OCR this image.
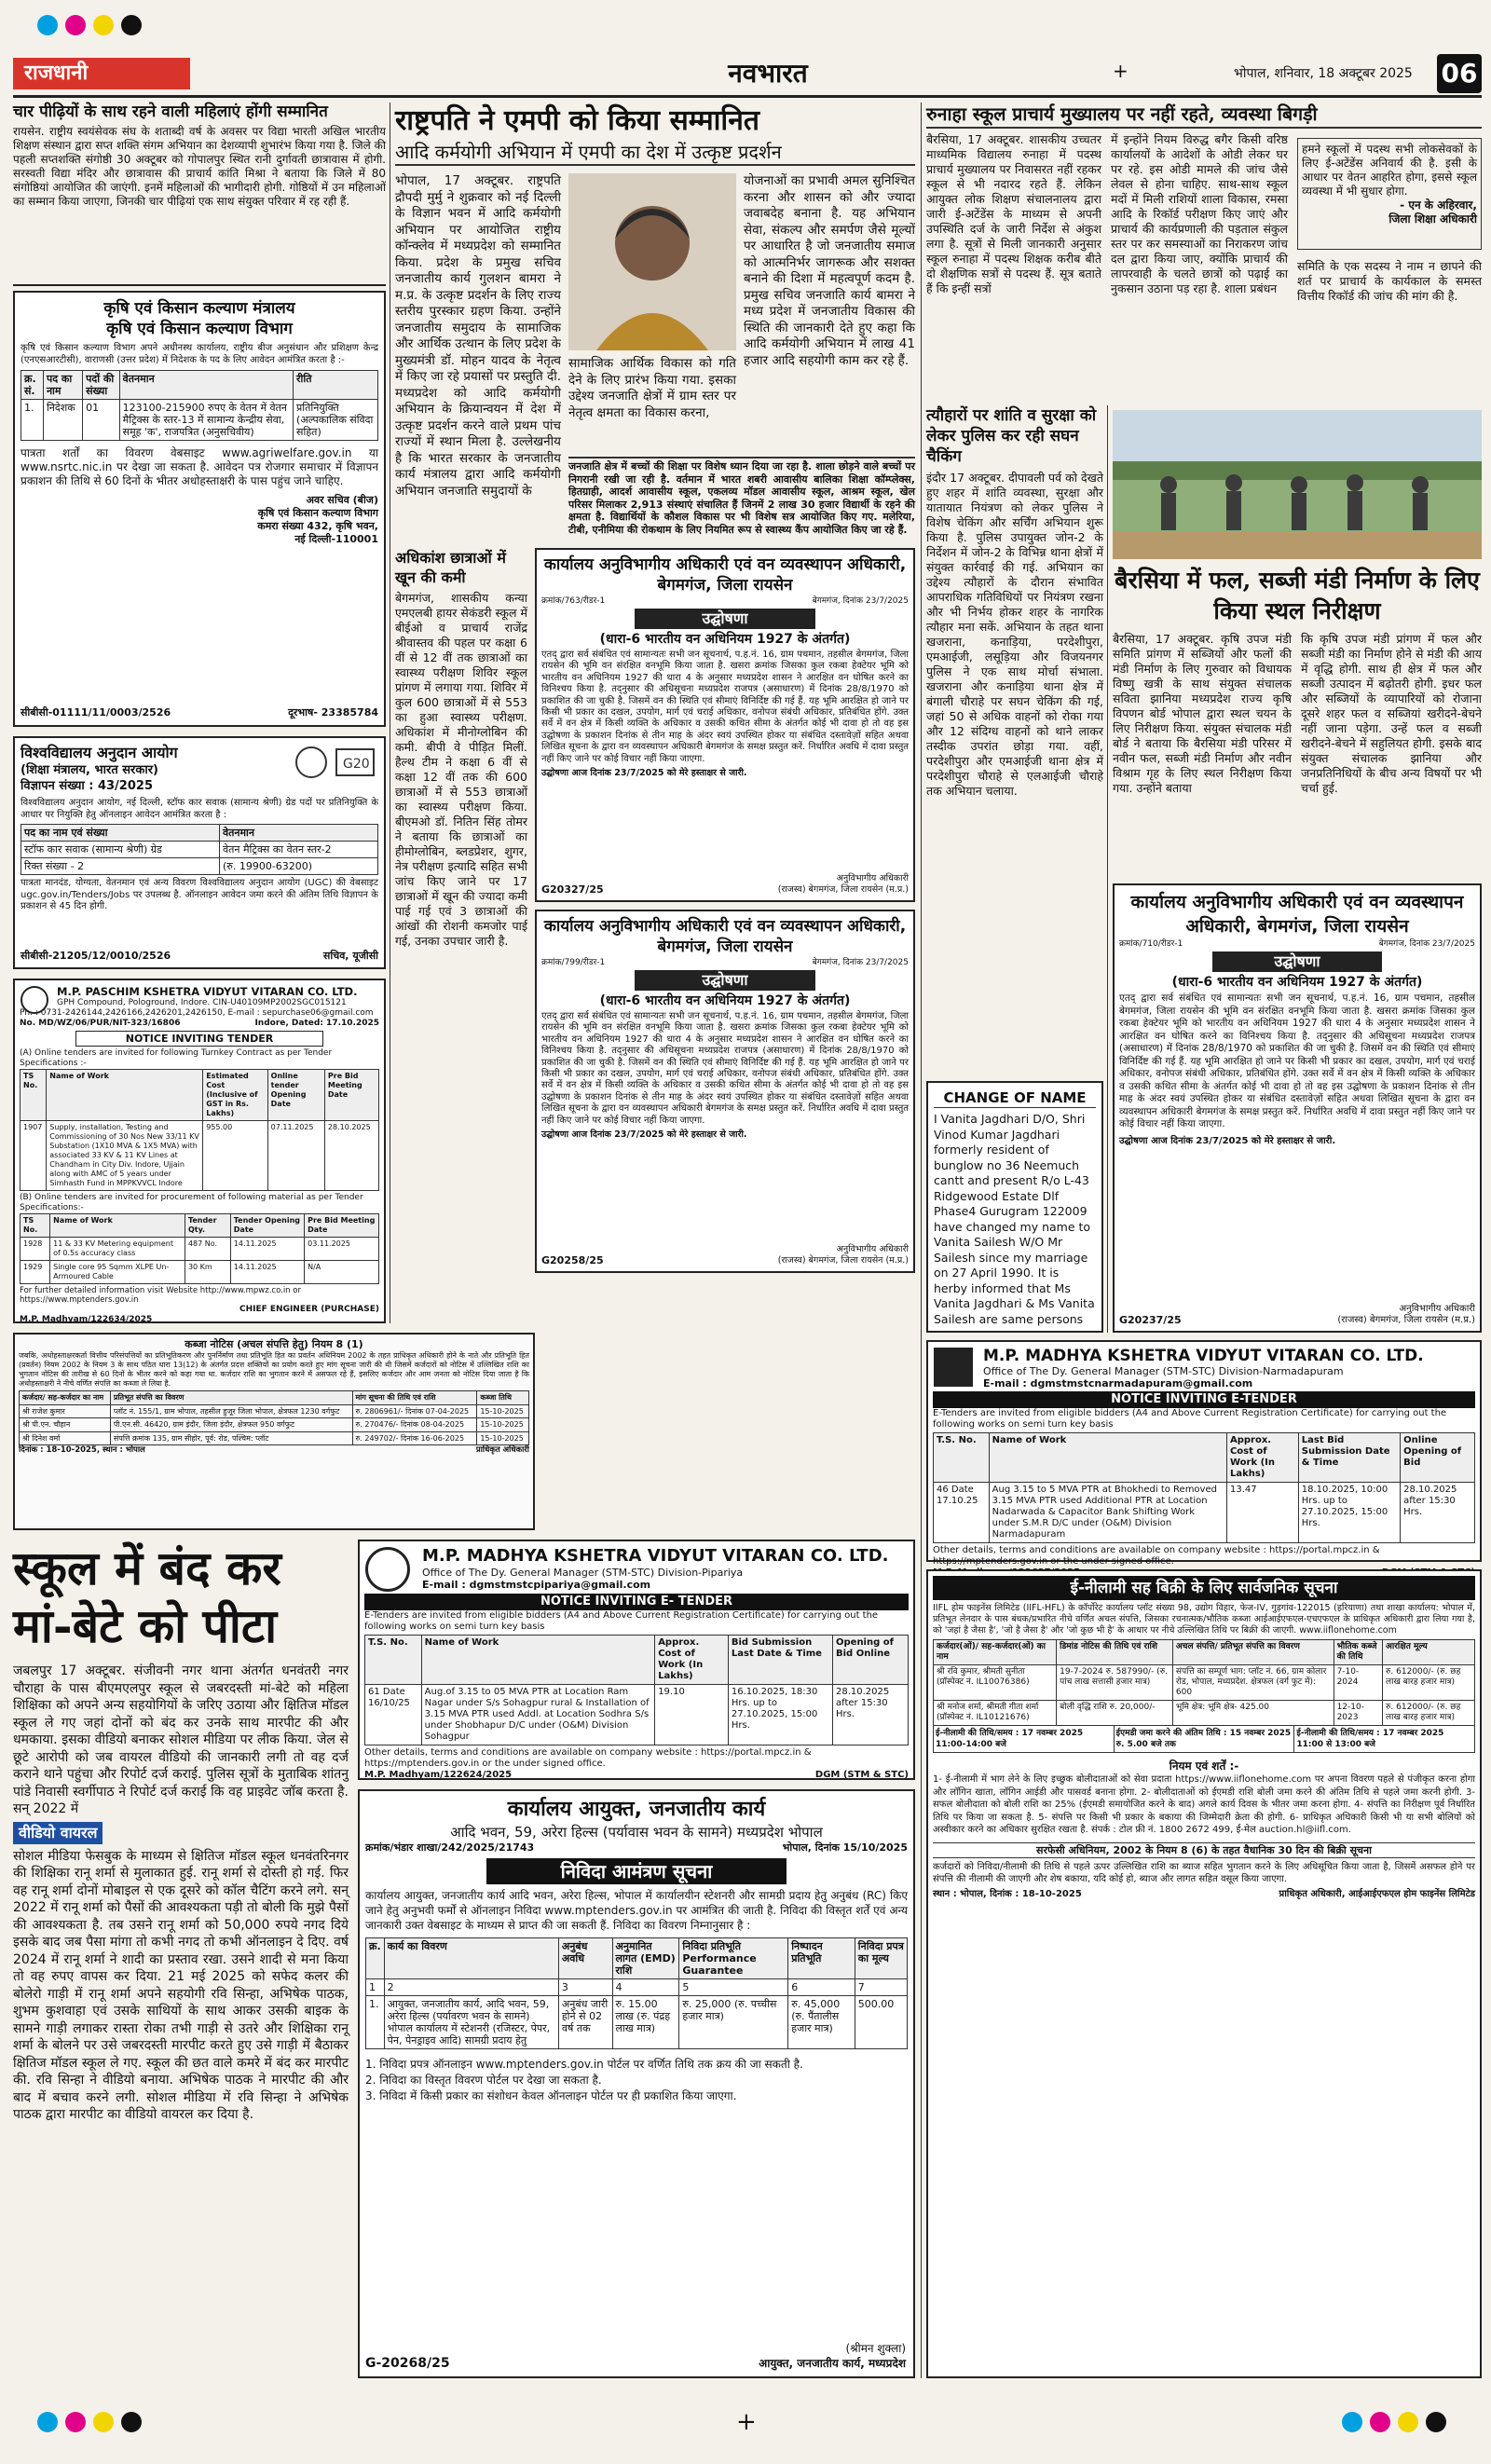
राजधानी	नवभारत	+	भोपाल, शनिवार, 18 अक्टूबर 2025	06
चार पीढ़ियों के साथ रहने वाली महिलाएं होंगी सम्मानित
रायसेन. राष्ट्रीय स्वयंसेवक संघ के शताब्दी वर्ष के अवसर पर विद्या भारती अखिल भारतीय शिक्षण संस्थान द्वारा सप्त शक्ति संगम अभियान का देशव्यापी शुभारंभ किया गया है. जिले की पहली सप्तशक्ति संगोष्ठी 30 अक्टूबर को गोपालपुर स्थित रानी दुर्गावती छात्रावास में होगी. सरस्वती विद्या मंदिर और छात्रावास की प्राचार्य कांति मिश्रा ने बताया कि जिले में 80 संगोष्ठियां आयोजित की जाएंगी. इनमें महिलाओं की भागीदारी होगी. गोष्ठियों में उन महिलाओं का सम्मान किया जाएगा, जिनकी चार पीढ़ियां एक साथ संयुक्त परिवार में रह रही हैं.
कृषि एवं किसान कल्याण मंत्रालय
कृषि एवं किसान कल्याण विभाग
कृषि एवं किसान कल्याण विभाग अपने अधीनस्थ कार्यालय, राष्ट्रीय बीज अनुसंधान और प्रशिक्षण केन्द्र (एनएसआरटीसी), वाराणसी (उत्तर प्रदेश) में निदेशक के पद के लिए आवेदन आमंत्रित करता है :-
क्र. सं.	पद का नाम	पदों की संख्या	वेतनमान	रीति
1.	निदेशक	01	123100-215900 रुपए के वेतन में वेतन मैट्रिक्स के स्तर-13 में सामान्य केन्द्रीय सेवा, समूह 'क', राजपत्रित (अनुसचिवीय)	प्रतिनियुक्ति (अल्पकालिक संविदा सहित)
पात्रता शर्तों का विवरण वेबसाइट www.agriwelfare.gov.in या www.nsrtc.nic.in पर देखा जा सकता है. आवेदन पत्र रोजगार समाचार में विज्ञापन प्रकाशन की तिथि से 60 दिनों के भीतर अधोहस्ताक्षरी के पास पहुंच जाने चाहिए.
अवर सचिव (बीज)
कृषि एवं किसान कल्याण विभाग
कमरा संख्या 432, कृषि भवन,
नई दिल्ली-110001
सीबीसी-01111/11/0003/2526	दूरभाष- 23385784
G20
विश्वविद्यालय अनुदान आयोग
(शिक्षा मंत्रालय, भारत सरकार)
विज्ञापन संख्या : 43/2025
विश्वविद्यालय अनुदान आयोग, नई दिल्ली, स्टॉफ कार सवाक (सामान्य श्रेणी) ग्रेड पदों पर प्रतिनियुक्ति के आधार पर नियुक्ति हेतु ऑनलाइन आवेदन आमंत्रित करता है :
पद का नाम एवं संख्या	वेतनमान
स्टॉफ कार सवाक (सामान्य श्रेणी) ग्रेड	वेतन मैट्रिक्स का वेतन स्तर-2
रिक्त संख्या - 2	(रु. 19900-63200)
पात्रता मानदंड, योग्यता, वेतनमान एवं अन्य विवरण विश्वविद्यालय अनुदान आयोग (UGC) की वेबसाइट ugc.gov.in/Tenders/Jobs पर उपलब्ध है. ऑनलाइन आवेदन जमा करने की अंतिम तिथि विज्ञापन के प्रकाशन से 45 दिन होगी.
सीबीसी-21205/12/0010/2526	सचिव, यूजीसी
M.P. PASCHIM KSHETRA VIDYUT VITARAN CO. LTD.
GPH Compound, Pologround, Indore. CIN-U40109MP2002SGC015121
Ph. : 0731-2426144,2426166,2426201,2426150, E-mail : sepurchase06@gmail.com
No. MD/WZ/06/PUR/NIT-323/16806	Indore, Dated: 17.10.2025
NOTICE INVITING TENDER
(A) Online tenders are invited for following Turnkey Contract as per Tender Specifications :-
TS No.	Name of Work	Estimated Cost (Inclusive of GST in Rs. Lakhs)	Online tender Opening Date	Pre Bid Meeting Date
1907	Supply, installation, Testing and Commissioning of 30 Nos New 33/11 KV Substation (1X10 MVA & 1X5 MVA) with associated 33 KV & 11 KV Lines at Chandham in City Div. Indore, Ujjain along with AMC of 5 years under Simhasth Fund in MPPKVVCL Indore	955.00	07.11.2025	28.10.2025
(B) Online tenders are invited for procurement of following material as per Tender Specifications:-
TS No.	Name of Work	Tender Qty.	Tender Opening Date	Pre Bid Meeting Date
1928	11 & 33 KV Metering equipment of 0.5s accuracy class	487 No.	14.11.2025	03.11.2025
1929	Single core 95 Sqmm XLPE Un-Armoured Cable	30 Km	14.11.2025	N/A
For further detailed information visit Website http://www.mpwz.co.in or https://www.mptenders.gov.in
CHIEF ENGINEER (PURCHASE)
M.P. Madhyam/122634/2025
राष्ट्रपति ने एमपी को किया सम्मानित
आदि कर्मयोगी अभियान में एमपी का देश में उत्कृष्ट प्रदर्शन
भोपाल, 17 अक्टूबर. राष्ट्रपति द्रौपदी मुर्मु ने शुक्रवार को नई दिल्ली के विज्ञान भवन में आदि कर्मयोगी अभियान पर आयोजित राष्ट्रीय कॉन्क्लेव में मध्यप्रदेश को सम्मानित किया. प्रदेश के प्रमुख सचिव जनजातीय कार्य गुलशन बामरा ने म.प्र. के उत्कृष्ट प्रदर्शन के लिए राज्य स्तरीय पुरस्कार ग्रहण किया. उन्होंने जनजातीय समुदाय के सामाजिक और आर्थिक उत्थान के लिए प्रदेश के मुख्यमंत्री डॉ. मोहन यादव के नेतृत्व में किए जा रहे प्रयासों पर प्रस्तुति दी. मध्यप्रदेश को आदि कर्मयोगी अभियान के क्रियान्वयन में देश में उत्कृष्ट प्रदर्शन करने वाले प्रथम पांच राज्यों में स्थान मिला है. उल्लेखनीय है कि भारत सरकार के जनजातीय कार्य मंत्रालय द्वारा आदि कर्मयोगी अभियान जनजाति समुदायों के
सामाजिक आर्थिक विकास को गति देने के लिए प्रारंभ किया गया. इसका उद्देश्य जनजाति क्षेत्रों में ग्राम स्तर पर नेतृत्व क्षमता का विकास करना,
योजनाओं का प्रभावी अमल सुनिश्चित करना और शासन को और ज्यादा जवाबदेह बनाना है. यह अभियान सेवा, संकल्प और समर्पण जैसे मूल्यों पर आधारित है जो जनजातीय समाज को आत्मनिर्भर जागरूक और सशक्त बनाने की दिशा में महत्वपूर्ण कदम है. प्रमुख सचिव जनजाति कार्य बामरा ने मध्य प्रदेश में जनजातीय विकास की स्थिति की जानकारी देते हुए कहा कि आदि कर्मयोगी अभियान में लाख 41 हजार आदि सहयोगी काम कर रहे हैं.
जनजाति क्षेत्र में बच्चों की शिक्षा पर विशेष ध्यान दिया जा रहा है. शाला छोड़ने वाले बच्चों पर निगरानी रखी जा रही है. वर्तमान में भारत शबरी आवासीय बालिका शिक्षा कॉम्प्लेक्स, हितग्राही, आदर्श आवासीय स्कूल, एकलव्य मॉडल आवासीय स्कूल, आश्रम स्कूल, खेल परिसर मिलाकर 2,913 संस्थाएं संचालित हैं जिनमें 2 लाख 30 हजार विद्यार्थी के रहने की क्षमता है. विद्यार्थियों के कौशल विकास पर भी विशेष सत्र आयोजित किए गए. मलेरिया, टीबी, एनीमिया की रोकथाम के लिए नियमित रूप से स्वास्थ्य कैंप आयोजित किए जा रहे हैं.
रुनाहा स्कूल प्राचार्य मुख्यालय पर नहीं रहते, व्यवस्था बिगड़ी
बैरसिया, 17 अक्टूबर. शासकीय उच्चतर माध्यमिक विद्यालय रुनाहा में पदस्थ प्राचार्य मुख्यालय पर निवासरत नहीं रहकर स्कूल से भी नदारद रहते हैं. लेकिन आयुक्त लोक शिक्षण संचालनालय द्वारा जारी ई-अटेंडेंस के माध्यम से अपनी उपस्थिति दर्ज के जारी निर्देश से अंकुश लगा है. सूत्रों से मिली जानकारी अनुसार स्कूल रुनाहा में पदस्थ शिक्षक करीब बीते दो शैक्षणिक सत्रों से पदस्थ हैं. सूत्र बताते हैं कि इन्हीं सत्रों
में इन्होंने नियम विरुद्ध बगैर किसी वरिष्ठ कार्यालयों के आदेशों के ओडी लेकर घर पर रहे. इस ओडी मामले की जांच जैसे लेवल से होना चाहिए. साथ-साथ स्कूल मदों में मिली राशियों शाला विकास, रमसा आदि के रिकॉर्ड परीक्षण किए जाएं और प्राचार्य की कार्यप्रणाली की पड़ताल संकुल स्तर पर कर समस्याओं का निराकरण जांच दल द्वारा किया जाए, क्योंकि प्राचार्य की लापरवाही के चलते छात्रों को पढ़ाई का नुकसान उठाना पड़ रहा है. शाला प्रबंधन
हमने स्कूलों में पदस्थ सभी लोकसेवकों के लिए ई-अटेंडेंस अनिवार्य की है. इसी के आधार पर वेतन आहरित होगा, इससे स्कूल व्यवस्था में भी सुधार होगा.
- एन के अहिरवार,
जिला शिक्षा अधिकारी
समिति के एक सदस्य ने नाम न छापने की शर्त पर प्राचार्य के कार्यकाल के समस्त वित्तीय रिकॉर्ड की जांच की मांग की है.
त्यौहारों पर शांति व सुरक्षा को लेकर पुलिस कर रही सघन चैकिंग
इंदौर 17 अक्टूबर. दीपावली पर्व को देखते हुए शहर में शांति व्यवस्था, सुरक्षा और यातायात नियंत्रण को लेकर पुलिस ने विशेष चेकिंग और सर्चिंग अभियान शुरू किया है. पुलिस उपायुक्त जोन-2 के निर्देशन में जोन-2 के विभिन्न थाना क्षेत्रों में संयुक्त कार्रवाई की गई. अभियान का उद्देश्य त्यौहारों के दौरान संभावित आपराधिक गतिविधियों पर नियंत्रण रखना और भी निर्भय होकर शहर के नागरिक त्यौहार मना सकें. अभियान के तहत थाना खजराना, कनाड़िया, परदेशीपुरा, एमआईजी, लसूड़िया और विजयनगर पुलिस ने एक साथ मोर्चा संभाला. खजराना और कनाड़िया थाना क्षेत्र में बंगाली चौराहे पर सघन चेकिंग की गई, जहां 50 से अधिक वाहनों को रोका गया और 12 संदिग्ध वाहनों को थाने लाकर तस्दीक उपरांत छोड़ा गया. वहीं, परदेशीपुरा और एमआईजी थाना क्षेत्र में परदेशीपुरा चौराहे से एलआईजी चौराहे तक अभियान चलाया.
बैरसिया में फल, सब्जी मंडी निर्माण के लिए किया स्थल निरीक्षण
बैरसिया, 17 अक्टूबर. कृषि उपज मंडी समिति प्रांगण में सब्जियों और फलों की मंडी निर्माण के लिए गुरुवार को विधायक विष्णु खत्री के साथ संयुक्त संचालक सविता झानिया मध्यप्रदेश राज्य कृषि विपणन बोर्ड भोपाल द्वारा स्थल चयन के लिए निरीक्षण किया. संयुक्त संचालक मंडी बोर्ड ने बताया कि बैरसिया मंडी परिसर में नवीन फल, सब्जी मंडी निर्माण और नवीन विश्राम गृह के लिए स्थल निरीक्षण किया गया. उन्होंने बताया
कि कृषि उपज मंडी प्रांगण में फल और सब्जी मंडी का निर्माण होने से मंडी की आय में वृद्धि होगी. साथ ही क्षेत्र में फल और सब्जी उत्पादन में बढ़ोतरी होगी. इधर फल और सब्जियों के व्यापारियों को रोजाना दूसरे शहर फल व सब्जियां खरीदने-बेचने नहीं जाना पड़ेगा. उन्हें फल व सब्जी खरीदने-बेचने में सहुलियत होगी. इसके बाद संयुक्त संचालक झानिया और जनप्रतिनिधियों के बीच अन्य विषयों पर भी चर्चा हुई.
अधिकांश छात्राओं में खून की कमी
बेगमगंज, शासकीय कन्या एमएलबी हायर सेकंडरी स्कूल में बीईओ व प्राचार्य राजेंद्र श्रीवास्तव की पहल पर कक्षा 6 वीं से 12 वीं तक छात्राओं का स्वास्थ्य परीक्षण शिविर स्कूल प्रांगण में लगाया गया. शिविर में कुल 600 छात्राओं में से 553 का हुआ स्वास्थ्य परीक्षण. अधिकांश में मीनोग्लोबिन की कमी. बीपी वे पीड़ित मिलीं. हैल्थ टीम ने कक्षा 6 वीं से कक्षा 12 वीं तक की 600 छात्राओं में से 553 छात्राओं का स्वास्थ्य परीक्षण किया. बीएमओ डॉ. नितिन सिंह तोमर ने बताया कि छात्राओं का हीमोग्लोबिन, ब्लडप्रेशर, शुगर, नेत्र परीक्षण इत्यादि सहित सभी जांच किए जाने पर 17 छात्राओं में खून की ज्यादा कमी पाई गई एवं 3 छात्राओं की आंखों की रोशनी कमजोर पाई गई, उनका उपचार जारी है.
कार्यालय अनुविभागीय अधिकारी एवं वन व्यवस्थापन अधिकारी, बेगमगंज, जिला रायसेन
क्रमांक/763/रीडर-1	बेगमगंज, दिनांक 23/7/2025
उद्घोषणा
(धारा-6 भारतीय वन अधिनियम 1927 के अंतर्गत)
एतद् द्वारा सर्व संबंधित एवं सामान्यतः सभी जन सूचनार्थ, प.ह.नं. 16, ग्राम पचमान, तहसील बेगमगंज, जिला रायसेन की भूमि वन संरक्षित वनभूमि किया जाता है. खसरा क्रमांक जिसका कुल रकबा हेक्टेयर भूमि को भारतीय वन अधिनियम 1927 की धारा 4 के अनुसार मध्यप्रदेश शासन ने आरक्षित वन घोषित करने का विनिश्चय किया है. तद्नुसार की अधिसूचना मध्यप्रदेश राजपत्र (असाधारण) में दिनांक 28/8/1970 को प्रकाशित की जा चुकी है. जिसमें वन की स्थिति एवं सीमाएं विनिर्दिष्ट की गई हैं. यह भूमि आरक्षित हो जाने पर किसी भी प्रकार का दखल, उपयोग, मार्ग एवं चराई अधिकार, वनोपज संबंधी अधिकार, प्रतिबंधित होंगे. उक्त सर्वे में वन क्षेत्र में किसी व्यक्ति के अधिकार व उसकी कथित सीमा के अंतर्गत कोई भी दावा हो तो वह इस उद्घोषणा के प्रकाशन दिनांक से तीन माह के अंदर स्वयं उपस्थित होकर या संबंधित दस्तावेज़ों सहित अथवा लिखित सूचना के द्वारा वन व्यवस्थापन अधिकारी बेगमगंज के समक्ष प्रस्तुत करें. निर्धारित अवधि में दावा प्रस्तुत नहीं किए जाने पर कोई विचार नहीं किया जाएगा.
उद्घोषणा आज दिनांक 23/7/2025 को मेरे हस्ताक्षर से जारी.
G20327/25
अनुविभागीय अधिकारी
(राजस्व) बेगमगंज, जिला रायसेन (म.प्र.)
कार्यालय अनुविभागीय अधिकारी एवं वन व्यवस्थापन अधिकारी, बेगमगंज, जिला रायसेन
क्रमांक/799/रीडर-1	बेगमगंज, दिनांक 23/7/2025
उद्घोषणा
(धारा-6 भारतीय वन अधिनियम 1927 के अंतर्गत)
एतद् द्वारा सर्व संबंधित एवं सामान्यतः सभी जन सूचनार्थ, प.ह.नं. 16, ग्राम पचमान, तहसील बेगमगंज, जिला रायसेन की भूमि वन संरक्षित वनभूमि किया जाता है. खसरा क्रमांक जिसका कुल रकबा हेक्टेयर भूमि को भारतीय वन अधिनियम 1927 की धारा 4 के अनुसार मध्यप्रदेश शासन ने आरक्षित वन घोषित करने का विनिश्चय किया है. तद्नुसार की अधिसूचना मध्यप्रदेश राजपत्र (असाधारण) में दिनांक 28/8/1970 को प्रकाशित की जा चुकी है. जिसमें वन की स्थिति एवं सीमाएं विनिर्दिष्ट की गई हैं. यह भूमि आरक्षित हो जाने पर किसी भी प्रकार का दखल, उपयोग, मार्ग एवं चराई अधिकार, वनोपज संबंधी अधिकार, प्रतिबंधित होंगे. उक्त सर्वे में वन क्षेत्र में किसी व्यक्ति के अधिकार व उसकी कथित सीमा के अंतर्गत कोई भी दावा हो तो वह इस उद्घोषणा के प्रकाशन दिनांक से तीन माह के अंदर स्वयं उपस्थित होकर या संबंधित दस्तावेज़ों सहित अथवा लिखित सूचना के द्वारा वन व्यवस्थापन अधिकारी बेगमगंज के समक्ष प्रस्तुत करें. निर्धारित अवधि में दावा प्रस्तुत नहीं किए जाने पर कोई विचार नहीं किया जाएगा.
उद्घोषणा आज दिनांक 23/7/2025 को मेरे हस्ताक्षर से जारी.
G20258/25
अनुविभागीय अधिकारी
(राजस्व) बेगमगंज, जिला रायसेन (म.प्र.)
CHANGE OF NAME
I Vanita Jagdhari D/O, Shri Vinod Kumar Jagdhari formerly resident of bunglow no 36 Neemuch cantt and present R/o L-43 Ridgewood Estate Dlf Phase4 Gurugram 122009 have changed my name to Vanita Sailesh W/O Mr Sailesh since my marriage on 27 April 1990. It is herby informed that Ms Vanita Jagdhari & Ms Vanita Sailesh are same persons
कार्यालय अनुविभागीय अधिकारी एवं वन व्यवस्थापन अधिकारी, बेगमगंज, जिला रायसेन
क्रमांक/710/रीडर-1	बेगमगंज, दिनांक 23/7/2025
उद्घोषणा
(धारा-6 भारतीय वन अधिनियम 1927 के अंतर्गत)
एतद् द्वारा सर्व संबंधित एवं सामान्यतः सभी जन सूचनार्थ, प.ह.नं. 16, ग्राम पचमान, तहसील बेगमगंज, जिला रायसेन की भूमि वन संरक्षित वनभूमि किया जाता है. खसरा क्रमांक जिसका कुल रकबा हेक्टेयर भूमि को भारतीय वन अधिनियम 1927 की धारा 4 के अनुसार मध्यप्रदेश शासन ने आरक्षित वन घोषित करने का विनिश्चय किया है. तद्नुसार की अधिसूचना मध्यप्रदेश राजपत्र (असाधारण) में दिनांक 28/8/1970 को प्रकाशित की जा चुकी है. जिसमें वन की स्थिति एवं सीमाएं विनिर्दिष्ट की गई हैं. यह भूमि आरक्षित हो जाने पर किसी भी प्रकार का दखल, उपयोग, मार्ग एवं चराई अधिकार, वनोपज संबंधी अधिकार, प्रतिबंधित होंगे. उक्त सर्वे में वन क्षेत्र में किसी व्यक्ति के अधिकार व उसकी कथित सीमा के अंतर्गत कोई भी दावा हो तो वह इस उद्घोषणा के प्रकाशन दिनांक से तीन माह के अंदर स्वयं उपस्थित होकर या संबंधित दस्तावेज़ों सहित अथवा लिखित सूचना के द्वारा वन व्यवस्थापन अधिकारी बेगमगंज के समक्ष प्रस्तुत करें. निर्धारित अवधि में दावा प्रस्तुत नहीं किए जाने पर कोई विचार नहीं किया जाएगा.
उद्घोषणा आज दिनांक 23/7/2025 को मेरे हस्ताक्षर से जारी.
G20237/25
अनुविभागीय अधिकारी
(राजस्व) बेगमगंज, जिला रायसेन (म.प्र.)
M.P. MADHYA KSHETRA VIDYUT VITARAN CO. LTD.
Office of The Dy. General Manager (STM-STC) Division-Narmadapuram
E-mail : dgmstmstcnarmadapuram@gmail.com
NOTICE INVITING E-TENDER
E-Tenders are invited from eligible bidders (A4 and Above Current Registration Certificate) for carrying out the following works on semi turn key basis
T.S. No.	Name of Work	Approx. Cost of Work (In Lakhs)	Last Bid Submission Date & Time	Online Opening of Bid
46 Date 17.10.25	Aug 3.15 to 5 MVA PTR at Bhokhedi to Removed 3.15 MVA PTR used Additional PTR at Location Nadarwada & Capacitor Bank Shifting Work under S.M.R D/C under (O&M) Division Narmadapuram	13.47	18.10.2025, 10:00 Hrs. up to 27.10.2025, 15:00 Hrs.	28.10.2025 after 15:30 Hrs.
Other details, terms and conditions are available on company website : https://portal.mpcz.in & https://mptenders.gov.in or the under signed office.
कब्जा नोटिस (अचल संपत्ति हेतु) नियम 8 (1)
जबकि, अधोहस्ताक्षरकर्ता वित्तीय परिसंपत्तियों का प्रतिभूतिकरण और पुनर्निर्माण तथा प्रतिभूति हित का प्रवर्तन अधिनियम 2002 के तहत प्राधिकृत अधिकारी होने के नाते और प्रतिभूति हित (प्रवर्तन) नियम 2002 के नियम 3 के साथ पठित धारा 13(12) के अंतर्गत प्रदत्त शक्तियों का प्रयोग करते हुए मांग सूचना जारी की थी जिसमें कर्जदारों को नोटिस में उल्लिखित राशि का भुगतान नोटिस की तारीख से 60 दिनों के भीतर करने को कहा गया था. कर्जदार राशि का भुगतान करने में असफल रहे हैं, इसलिए कर्जदार और आम जनता को नोटिस दिया जाता है कि अधोहस्ताक्षरी ने नीचे वर्णित संपत्ति का कब्जा ले लिया है.
कर्जदार/ सह-कर्जदार का नाम	प्रतिभूत संपत्ति का विवरण	मांग सूचना की तिथि एवं राशि	कब्जा तिथि
श्री राजेश कुमार	प्लॉट नं. 155/1, ग्राम भोपाल, तहसील हुजूर जिला भोपाल, क्षेत्रफल 1230 वर्गफुट	रु. 2806961/- दिनांक 07-04-2025	15-10-2025
श्री पी.एन. चौहान	पी.एन.सी. 46420, ग्राम इंदौर, जिला इंदौर, क्षेत्रफल 950 वर्गफुट	रु. 270476/- दिनांक 08-04-2025	15-10-2025
श्री दिनेश वर्मा	संपत्ति क्रमांक 135, ग्राम सीहोर, पूर्व: रोड, पश्चिम: प्लॉट	रु. 249702/- दिनांक 16-06-2025	15-10-2025
दिनांक : 18-10-2025, स्थान : भोपाल	प्राधिकृत अधिकारी
स्कूल में बंद कर
मां-बेटे को पीटा
जबलपुर 17 अक्टूबर. संजीवनी नगर थाना अंतर्गत धनवंतरी नगर चौराहा के पास बीएमएलपुर स्कूल से जबरदस्ती मां-बेटे को महिला शिक्षिका को अपने अन्य सहयोगियों के जरिए उठाया और क्षितिज मॉडल स्कूल ले गए जहां दोनों को बंद कर उनके साथ मारपीट की और धमकाया. इसका वीडियो बनाकर सोशल मीडिया पर लीक किया. जेल से छूटे आरोपी को जब वायरल वीडियो की जानकारी लगी तो वह दर्ज कराने थाने पहुंचा और रिपोर्ट दर्ज कराई. पुलिस सूत्रों के मुताबिक शांतनु पांडे निवासी स्वर्गीपाठ ने रिपोर्ट दर्ज कराई कि वह प्राइवेट जॉब करता है. सन् 2022 में
वीडियो वायरल
सोशल मीडिया फेसबुक के माध्यम से क्षितिज मॉडल स्कूल धनवंतरिनगर की शिक्षिका रानू शर्मा से मुलाकात हुई. रानू शर्मा से दोस्ती हो गई. फिर वह रानू शर्मा दोनों मोबाइल से एक दूसरे को कॉल चैटिंग करने लगे. सन् 2022 में रानू शर्मा को पैसों की आवश्यकता पड़ी तो बोली कि मुझे पैसों की आवश्यकता है. तब उसने रानू शर्मा को 50,000 रुपये नगद दिये इसके बाद जब पैसा मांगा तो कभी नगद तो कभी ऑनलाइन दे दिए. वर्ष 2024 में रानू शर्मा ने शादी का प्रस्ताव रखा. उसने शादी से मना किया तो वह रुपए वापस कर दिया. 21 मई 2025 को सफेद कलर की बोलेरो गाड़ी में रानू शर्मा अपने सहयोगी रवि सिन्हा, अभिषेक पाठक, शुभम कुशवाहा एवं उसके साथियों के साथ आकर उसकी बाइक के सामने गाड़ी लगाकर रास्ता रोका तभी गाड़ी से उतरे और शिक्षिका रानू शर्मा के बोलने पर उसे जबरदस्ती मारपीट करते हुए उसे गाड़ी में बैठाकर क्षितिज मॉडल स्कूल ले गए. स्कूल की छत वाले कमरे में बंद कर मारपीट की. रवि सिन्हा ने वीडियो बनाया. अभिषेक पाठक ने मारपीट की और बाद में बचाव करने लगी. सोशल मीडिया में रवि सिन्हा ने अभिषेक पाठक द्वारा मारपीट का वीडियो वायरल कर दिया है.
M.P. MADHYA KSHETRA VIDYUT VITARAN CO. LTD.
Office of The Dy. General Manager (STM-STC) Division-Pipariya
E-mail : dgmstmstcpipariya@gmail.com
NOTICE INVITING E- TENDER
E-Tenders are invited from eligible bidders (A4 and Above Current Registration Certificate) for carrying out the following works on semi turn key basis
T.S. No.	Name of Work	Approx. Cost of Work (In Lakhs)	Bid Submission Last Date & Time	Opening of Bid Online
61 Date 16/10/25	Aug.of 3.15 to 05 MVA PTR at Location Ram Nagar under S/s Sohagpur rural & Installation of 3.15 MVA PTR used Addl. at Location Sodhra S/s under Shobhapur D/C under (O&M) Division Sohagpur	19.10	16.10.2025, 18:30 Hrs. up to 27.10.2025, 15:00 Hrs.	28.10.2025 after 15:30 Hrs.
Other details, terms and conditions are available on company website : https://portal.mpcz.in & https://mptenders.gov.in or the under signed office.
M.P. Madhyam/122624/2025	DGM (STM & STC)
कार्यालय आयुक्त, जनजातीय कार्य
आदि भवन, 59, अरेरा हिल्स (पर्यावास भवन के सामने) मध्यप्रदेश भोपाल
क्रमांक/भंडार शाखा/242/2025/21743	भोपाल, दिनांक 15/10/2025
निविदा आमंत्रण सूचना
कार्यालय आयुक्त, जनजातीय कार्य आदि भवन, अरेरा हिल्स, भोपाल में कार्यालयीन स्टेशनरी और सामग्री प्रदाय हेतु अनुबंध (RC) किए जाने हेतु अनुभवी फर्मों से ऑनलाइन निविदा www.mptenders.gov.in पर आमंत्रित की जाती है. निविदा की विस्तृत शर्तें एवं अन्य जानकारी उक्त वेबसाइट के माध्यम से प्राप्त की जा सकती हैं. निविदा का विवरण निम्नानुसार है :
क्र.	कार्य का विवरण	अनुबंध अवधि	अनुमानित लागत (EMD) राशि	निविदा प्रतिभूति Performance Guarantee	निष्पादन प्रतिभूति	निविदा प्रपत्र का मूल्य
1	2	3	4	5	6	7
1.	आयुक्त, जनजातीय कार्य, आदि भवन, 59, अरेरा हिल्स (पर्यावरण भवन के सामने) भोपाल कार्यालय में स्टेशनरी (रजिस्टर, पेपर, पेन, पेनड्राइव आदि) सामग्री प्रदाय हेतु	अनुबंध जारी होने से 02 वर्ष तक	रु. 15.00 लाख (रु. पंद्रह लाख मात्र)	रु. 25,000 (रु. पच्चीस हजार मात्र)	रु. 45,000 (रु. पैंतालीस हजार मात्र)	500.00
1. निविदा प्रपत्र ऑनलाइन www.mptenders.gov.in पोर्टल पर वर्णित तिथि तक क्रय की जा सकती है.
2. निविदा का विस्तृत विवरण पोर्टल पर देखा जा सकता है.
3. निविदा में किसी प्रकार का संशोधन केवल ऑनलाइन पोर्टल पर ही प्रकाशित किया जाएगा.
G-20268/25
(श्रीमन शुक्ला)
आयुक्त, जनजातीय कार्य, मध्यप्रदेश
ई-नीलामी सह बिक्री के लिए सार्वजनिक सूचना
IIFL होम फाइनेंस लिमिटेड (IIFL-HFL) के कॉर्पोरेट कार्यालय प्लॉट संख्या 98, उद्योग विहार, फेज-IV, गुड़गांव-122015 (हरियाणा) तथा शाखा कार्यालय: भोपाल में, प्रतिभूत लेनदार के पास बंधक/प्रभारित नीचे वर्णित अचल संपत्ति, जिसका रचनात्मक/भौतिक कब्जा आईआईएफएल-एचएफएल के प्राधिकृत अधिकारी द्वारा लिया गया है, को 'जहां है जैसा है', 'जो है जैसा है' और 'जो कुछ भी है' के आधार पर नीचे उल्लिखित तिथि पर बिक्री की जाएगी. www.iiflonehome.com
कर्जदार(ओं)/ सह-कर्जदार(ओं) का नाम	डिमांड नोटिस की तिथि एवं राशि	अचल संपत्ति/ प्रतिभूत संपत्ति का विवरण	भौतिक कब्जे की तिथि	आरक्षित मूल्य
श्री रवि कुमार, श्रीमती सुनीता (प्रॉस्पेक्ट नं. IL10076386)	19-7-2024 रु. 587990/- (रु. पांच लाख सत्तासी हजार मात्र)	संपत्ति का सम्पूर्ण भाग: प्लॉट नं. 66, ग्राम कोलार रोड, भोपाल, मध्यप्रदेश. क्षेत्रफल (वर्ग फुट में): 600	7-10-2024	रु. 612000/- (रु. छह लाख बारह हजार मात्र)
श्री मनोज शर्मा, श्रीमती गीता शर्मा (प्रॉस्पेक्ट नं. IL10121676)	बोली वृद्धि राशि रु. 20,000/-	भूमि क्षेत्र: भूमि क्षेत्र- 425.00	12-10-2023	रु. 612000/- (रु. छह लाख बारह हजार मात्र)
ई-नीलामी की तिथि/समय : 17 नवम्बर 2025 11:00-14:00 बजे
ईएमडी जमा करने की अंतिम तिथि : 15 नवम्बर 2025 रु. 5.00 बजे तक
ई-नीलामी की तिथि/समय : 17 नवम्बर 2025 11:00 से 13:00 बजे
नियम एवं शर्तें :-
1- ई-नीलामी में भाग लेने के लिए इच्छुक बोलीदाताओं को सेवा प्रदाता https://www.iiflonehome.com पर अपना विवरण पहले से पंजीकृत करना होगा और लॉगिन खाता, लॉगिन आईडी और पासवर्ड बनाना होगा. 2- बोलीदाताओं को ईएमडी राशि बोली जमा करने की अंतिम तिथि से पहले जमा करनी होगी. 3- सफल बोलीदाता को बोली राशि का 25% (ईएमडी समायोजित करने के बाद) अगले कार्य दिवस के भीतर जमा करना होगा. 4- संपत्ति का निरीक्षण पूर्व निर्धारित तिथि पर किया जा सकता है. 5- संपत्ति पर किसी भी प्रकार के बकाया की जिम्मेदारी क्रेता की होगी. 6- प्राधिकृत अधिकारी किसी भी या सभी बोलियों को अस्वीकार करने का अधिकार सुरक्षित रखता है. संपर्क : टोल फ्री नं. 1800 2672 499, ई-मेल auction.hl@iifl.com.
सरफेसी अधिनियम, 2002 के नियम 8 (6) के तहत वैधानिक 30 दिन की बिक्री सूचना
कर्जदारों को निविदा/नीलामी की तिथि से पहले ऊपर उल्लिखित राशि का ब्याज सहित भुगतान करने के लिए अधिसूचित किया जाता है, जिसमें असफल होने पर संपत्ति की नीलामी की जाएगी और शेष बकाया, यदि कोई हो, ब्याज और लागत सहित वसूल किया जाएगा.
स्थान : भोपाल, दिनांक : 18-10-2025	प्राधिकृत अधिकारी, आईआईएफएल होम फाइनेंस लिमिटेड
+
